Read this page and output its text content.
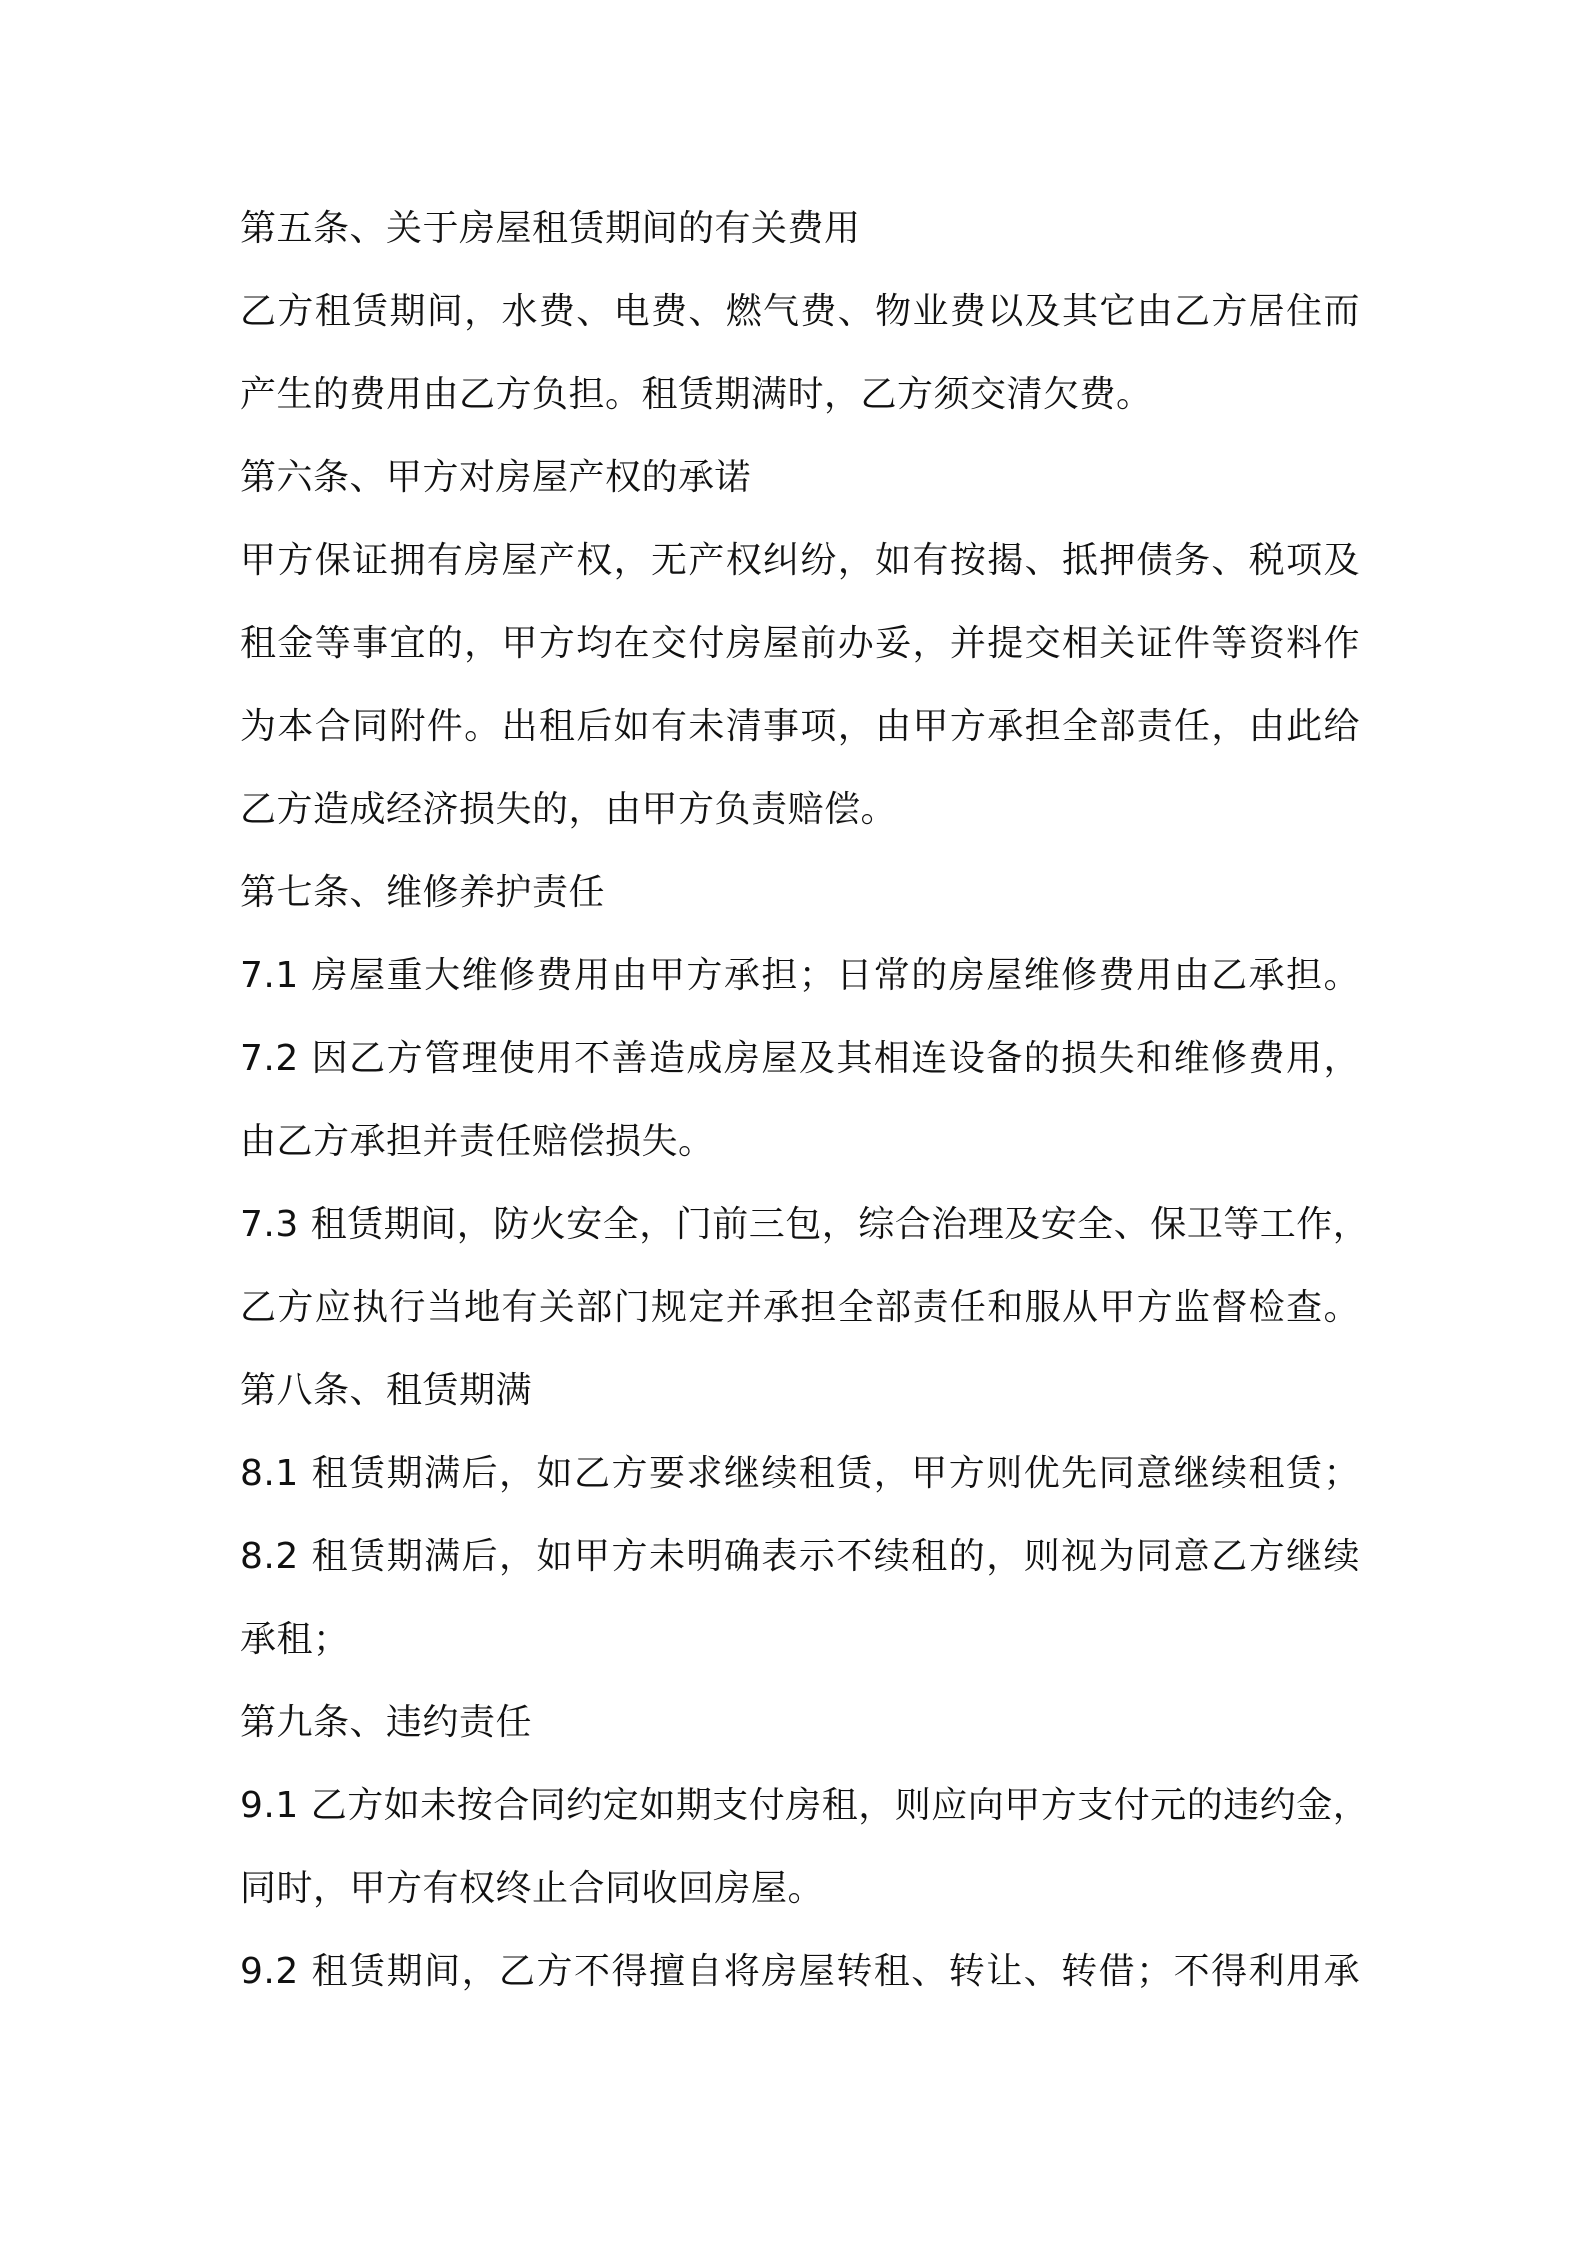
第五条、关于房屋租赁期间的有关费用
乙方租赁期间，水费、电费、燃气费、物业费以及其它由乙方居住而
产生的费用由乙方负担。租赁期满时，乙方须交清欠费。
第六条、甲方对房屋产权的承诺
甲方保证拥有房屋产权，无产权纠纷，如有按揭、抵押债务、税项及
租金等事宜的，甲方均在交付房屋前办妥，并提交相关证件等资料作
为本合同附件。出租后如有未清事项，由甲方承担全部责任，由此给
乙方造成经济损失的，由甲方负责赔偿。
第七条、维修养护责任
7.1 房屋重大维修费用由甲方承担；日常的房屋维修费用由乙承担。
7.2 因乙方管理使用不善造成房屋及其相连设备的损失和维修费用，
由乙方承担并责任赔偿损失。
7.3 租赁期间，防火安全，门前三包，综合治理及安全、保卫等工作，
乙方应执行当地有关部门规定并承担全部责任和服从甲方监督检查。
第八条、租赁期满
8.1 租赁期满后，如乙方要求继续租赁，甲方则优先同意继续租赁；
8.2 租赁期满后，如甲方未明确表示不续租的，则视为同意乙方继续
承租；
第九条、违约责任
9.1 乙方如未按合同约定如期支付房租，则应向甲方支付元的违约金，
同时，甲方有权终止合同收回房屋。
9.2 租赁期间，乙方不得擅自将房屋转租、转让、转借；不得利用承
